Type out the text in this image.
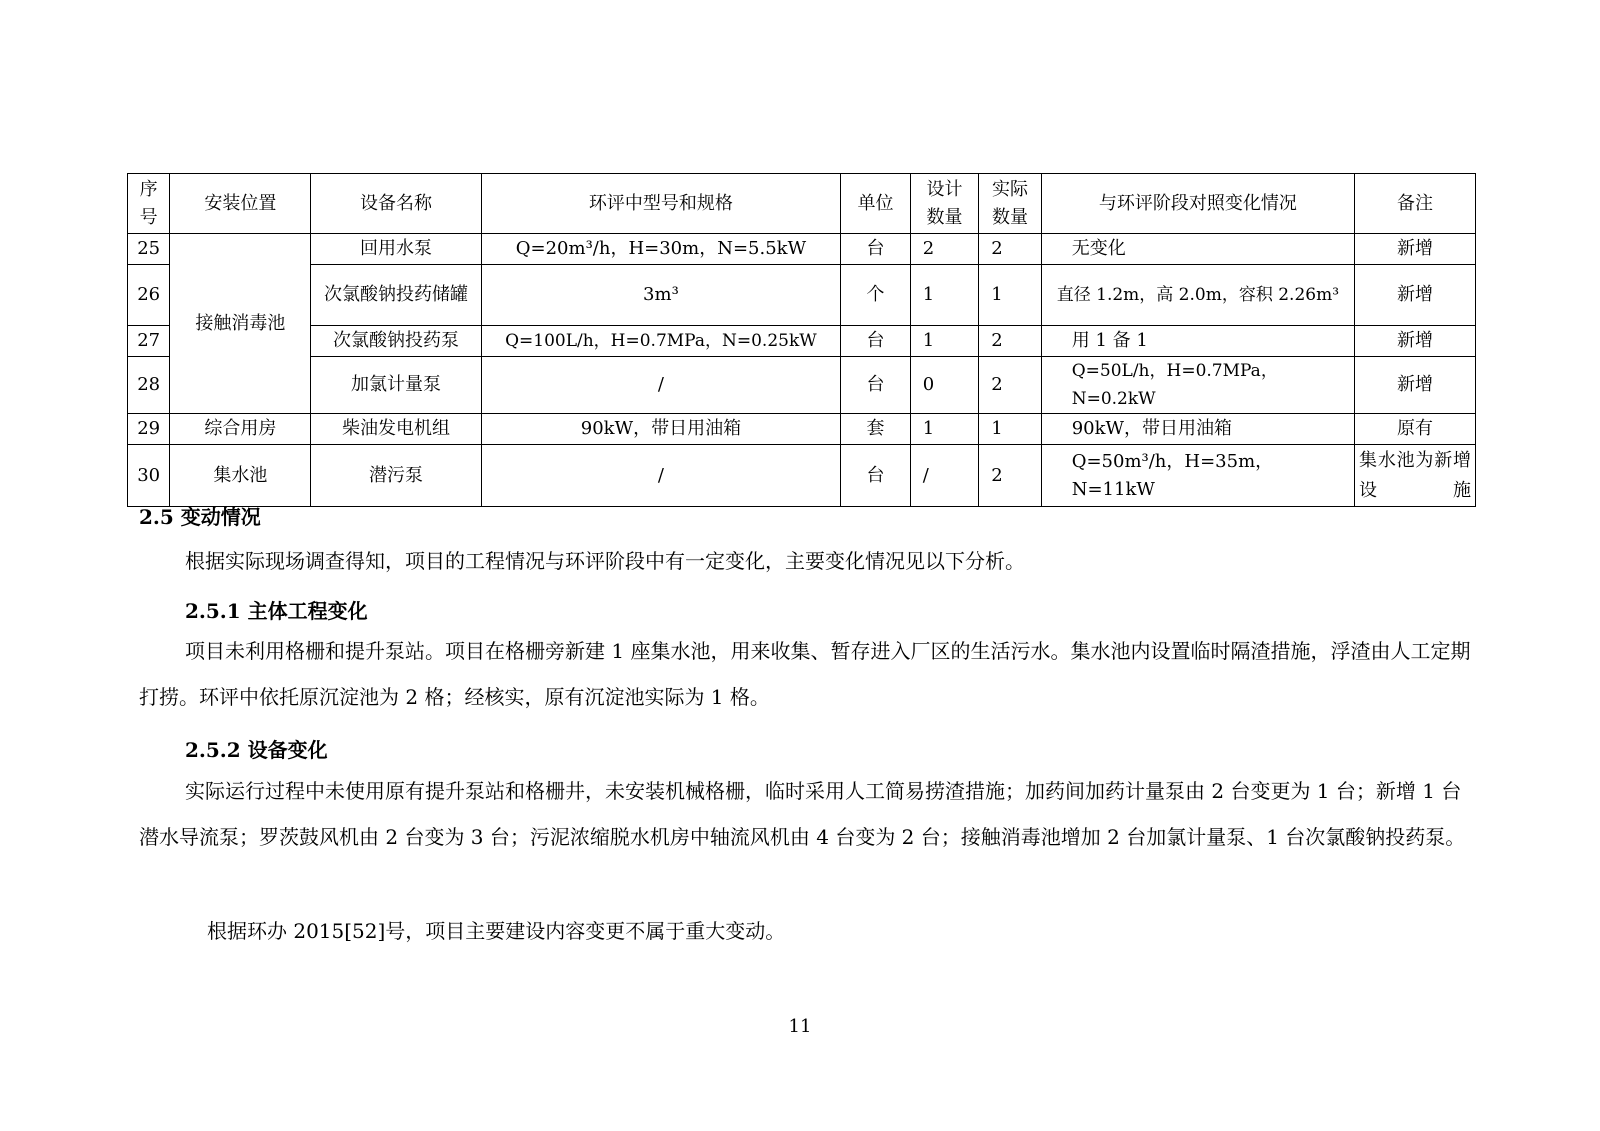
序号	安装位置	设备名称	环评中型号和规格	单位	设计数量	实际数量	与环评阶段对照变化情况	备注
25	接触消毒池	回用水泵	Q=20m³/h，H=30m，N=5.5kW	台	2	2	无变化	新增
26		次氯酸钠投药储罐	3m³	个	1	1	直径 1.2m，高 2.0m，容积 2.26m³	新增
27		次氯酸钠投药泵	Q=100L/h，H=0.7MPa，N=0.25kW	台	1	2	用 1 备 1	新增
28		加氯计量泵	/	台	0	2	Q=50L/h，H=0.7MPa，N=0.2kW	新增
29	综合用房	柴油发电机组	90kW，带日用油箱	套	1	1	90kW，带日用油箱	原有
30	集水池	潜污泵	/	台	/	2	Q=50m³/h，H=35m，N=11kW	集水池为新增设施
2.5 变动情况

根据实际现场调查得知，项目的工程情况与环评阶段中有一定变化，主要变化情况见以下分析。

2.5.1 主体工程变化

项目未利用格栅和提升泵站。项目在格栅旁新建 1 座集水池，用来收集、暂存进入厂区的生活污水。集水池内设置临时隔渣措施，浮渣由人工定期打捞。环评中依托原沉淀池为 2 格；经核实，原有沉淀池实际为 1 格。

2.5.2 设备变化

实际运行过程中未使用原有提升泵站和格栅井，未安装机械格栅，临时采用人工简易捞渣措施；加药间加药计量泵由 2 台变更为 1 台；新增 1 台潜水导流泵；罗茨鼓风机由 2 台变为 3 台；污泥浓缩脱水机房中轴流风机由 4 台变为 2 台；接触消毒池增加 2 台加氯计量泵、1 台次氯酸钠投药泵。

根据环办 2015[52]号，项目主要建设内容变更不属于重大变动。

11
